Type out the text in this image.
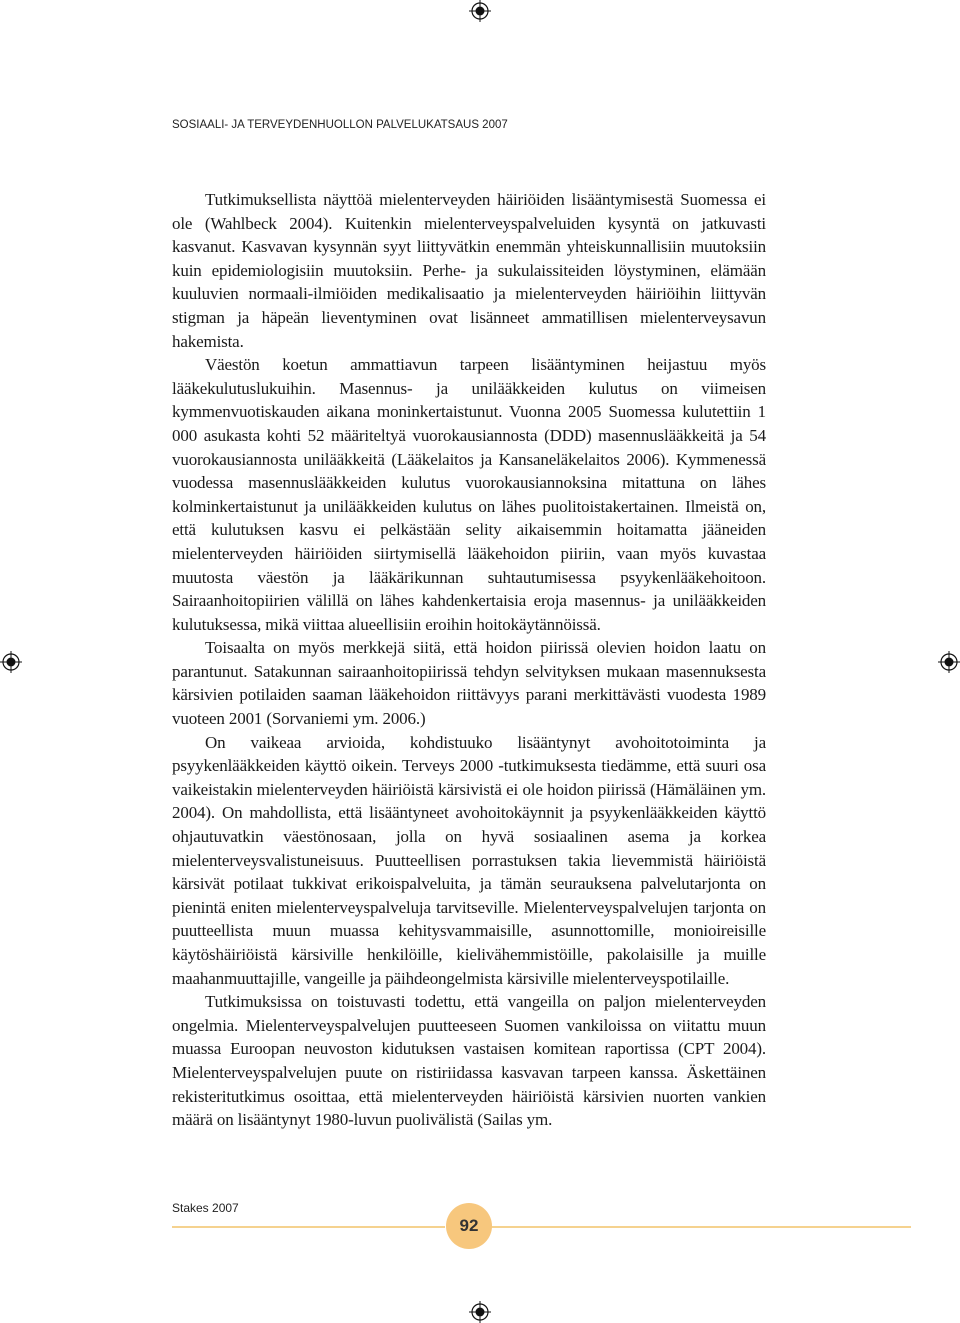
SOSIAALI- JA TERVEYDENHUOLLON PALVELUKATSAUS 2007

Tutkimuksellista näyttöä mielenterveyden häiriöiden lisääntymisestä Suomessa ei ole (Wahlbeck 2004). Kuitenkin mielenterveyspalveluiden kysyntä on jatkuvasti kasvanut. Kasvavan kysynnän syyt liittyvätkin enemmän yhteiskunnallisiin muutoksiin kuin epidemiologisiin muutoksiin. Perhe- ja sukulaissiteiden löystyminen, elämään kuuluvien normaali-ilmiöiden medikalisaatio ja mielenterveyden häiriöihin liittyvän stigman ja häpeän lieventyminen ovat lisänneet ammatillisen mielenterveysavun hakemista.

Väestön koetun ammattiavun tarpeen lisääntyminen heijastuu myös lääkekulutuslukuihin. Masennus- ja unilääkkeiden kulutus on viimeisen kymmenvuotiskauden aikana moninkertaistunut. Vuonna 2005 Suomessa kulutettiin 1 000 asukasta kohti 52 määriteltyä vuorokausiannosta (DDD) masennuslääkkeitä ja 54 vuorokausiannosta unilääkkeitä (Lääkelaitos ja Kansaneläkelaitos 2006). Kymmenessä vuodessa masennuslääkkeiden kulutus vuorokausiannoksina mitattuna on lähes kolminkertaistunut ja unilääkkeiden kulutus on lähes puolitoistakertainen. Ilmeistä on, että kulutuksen kasvu ei pelkästään selity aikaisemmin hoitamatta jääneiden mielenterveyden häiriöiden siirtymisellä lääkehoidon piiriin, vaan myös kuvastaa muutosta väestön ja lääkärikunnan suhtautumisessa psyykenlääkehoitoon. Sairaanhoitopiirien välillä on lähes kahdenkertaisia eroja masennus- ja unilääkkeiden kulutuksessa, mikä viittaa alueellisiin eroihin hoitokäytännöissä.

Toisaalta on myös merkkejä siitä, että hoidon piirissä olevien hoidon laatu on parantunut. Satakunnan sairaanhoitopiirissä tehdyn selvityksen mukaan masennuksesta kärsivien potilaiden saaman lääkehoidon riittävyys parani merkittävästi vuodesta 1989 vuoteen 2001 (Sorvaniemi ym. 2006.)

On vaikeaa arvioida, kohdistuuko lisääntynyt avohoitotoiminta ja psyykenlääkkeiden käyttö oikein. Terveys 2000 -tutkimuksesta tiedämme, että suuri osa vaikeistakin mielenterveyden häiriöistä kärsivistä ei ole hoidon piirissä (Hämäläinen ym. 2004). On mahdollista, että lisääntyneet avohoitokäynnit ja psyykenlääkkeiden käyttö ohjautuvatkin väestönosaan, jolla on hyvä sosiaalinen asema ja korkea mielenterveysvalistuneisuus. Puutteellisen porrastuksen takia lievemmistä häiriöistä kärsivät potilaat tukkivat erikoispalveluita, ja tämän seurauksena palvelutarjonta on pienintä eniten mielenterveyspalveluja tarvitseville. Mielenterveyspalvelujen tarjonta on puutteellista muun muassa kehitysvammaisille, asunnottomille, monioireisille käytöshäiriöistä kärsiville henkilöille, kielivähemmistöille, pakolaisille ja muille maahanmuuttajille, vangeille ja päihdeongelmista kärsiville mielenterveyspotilaille.

Tutkimuksissa on toistuvasti todettu, että vangeilla on paljon mielenterveyden ongelmia. Mielenterveyspalvelujen puutteeseen Suomen vankiloissa on viitattu muun muassa Euroopan neuvoston kidutuksen vastaisen komitean raportissa (CPT 2004). Mielenterveyspalvelujen puute on ristiriidassa kasvavan tarpeen kanssa. Äskettäinen rekisteritutkimus osoittaa, että mielenterveyden häiriöistä kärsivien nuorten vankien määrä on lisääntynyt 1980-luvun puolivälistä (Sailas ym.

Stakes 2007
92
